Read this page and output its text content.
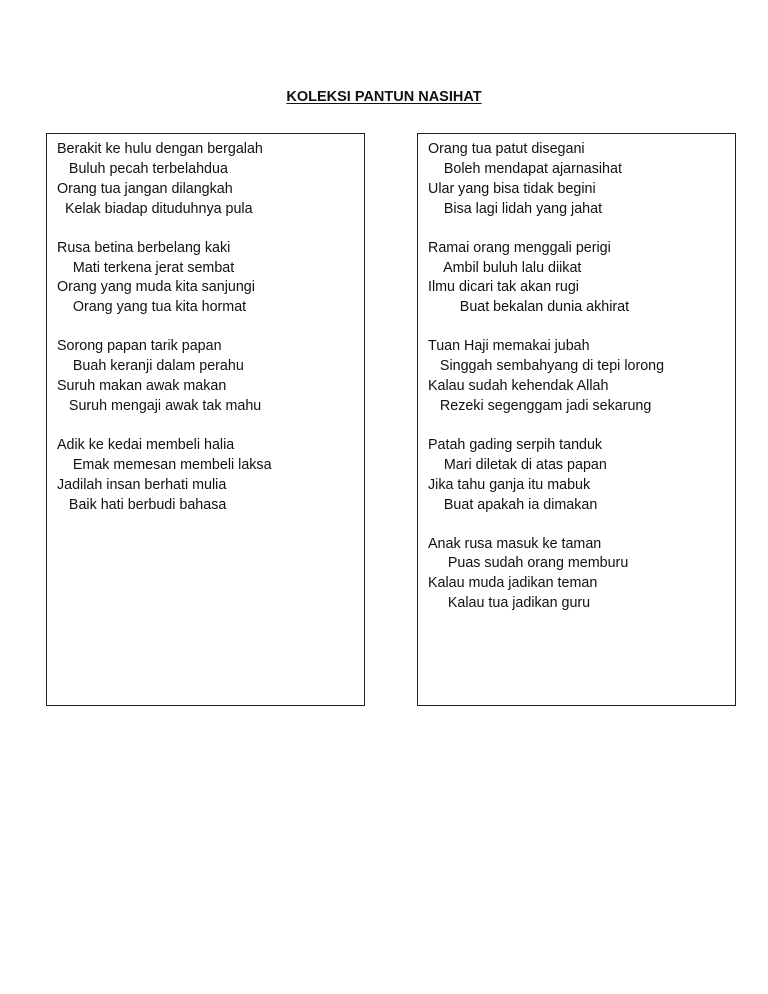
KOLEKSI PANTUN NASIHAT
Berakit ke hulu dengan bergalah
Buluh pecah terbelahdua
Orang tua jangan dilangkah
Kelak biadap dituduhnya pula
Rusa betina berbelang kaki
Mati terkena jerat sembat
Orang yang muda kita sanjungi
Orang yang tua kita hormat
Sorong papan tarik papan
Buah keranji dalam perahu
Suruh makan awak makan
Suruh mengaji awak tak mahu
Adik ke kedai membeli halia
Emak memesan membeli laksa
Jadilah insan berhati mulia
Baik hati berbudi bahasa
Orang tua patut disegani
Boleh mendapat ajarnasihat
Ular yang bisa tidak begini
Bisa lagi lidah yang jahat
Ramai orang menggali perigi
Ambil buluh lalu diikat
Ilmu dicari tak akan rugi
Buat bekalan dunia akhirat
Tuan Haji memakai jubah
Singgah sembahyang di tepi lorong
Kalau sudah kehendak Allah
Rezeki segenggam jadi sekarung
Patah gading serpih tanduk
Mari diletak di atas papan
Jika tahu ganja itu mabuk
Buat apakah ia dimakan
Anak rusa masuk ke taman
Puas sudah orang memburu
Kalau muda jadikan teman
Kalau tua jadikan guru
